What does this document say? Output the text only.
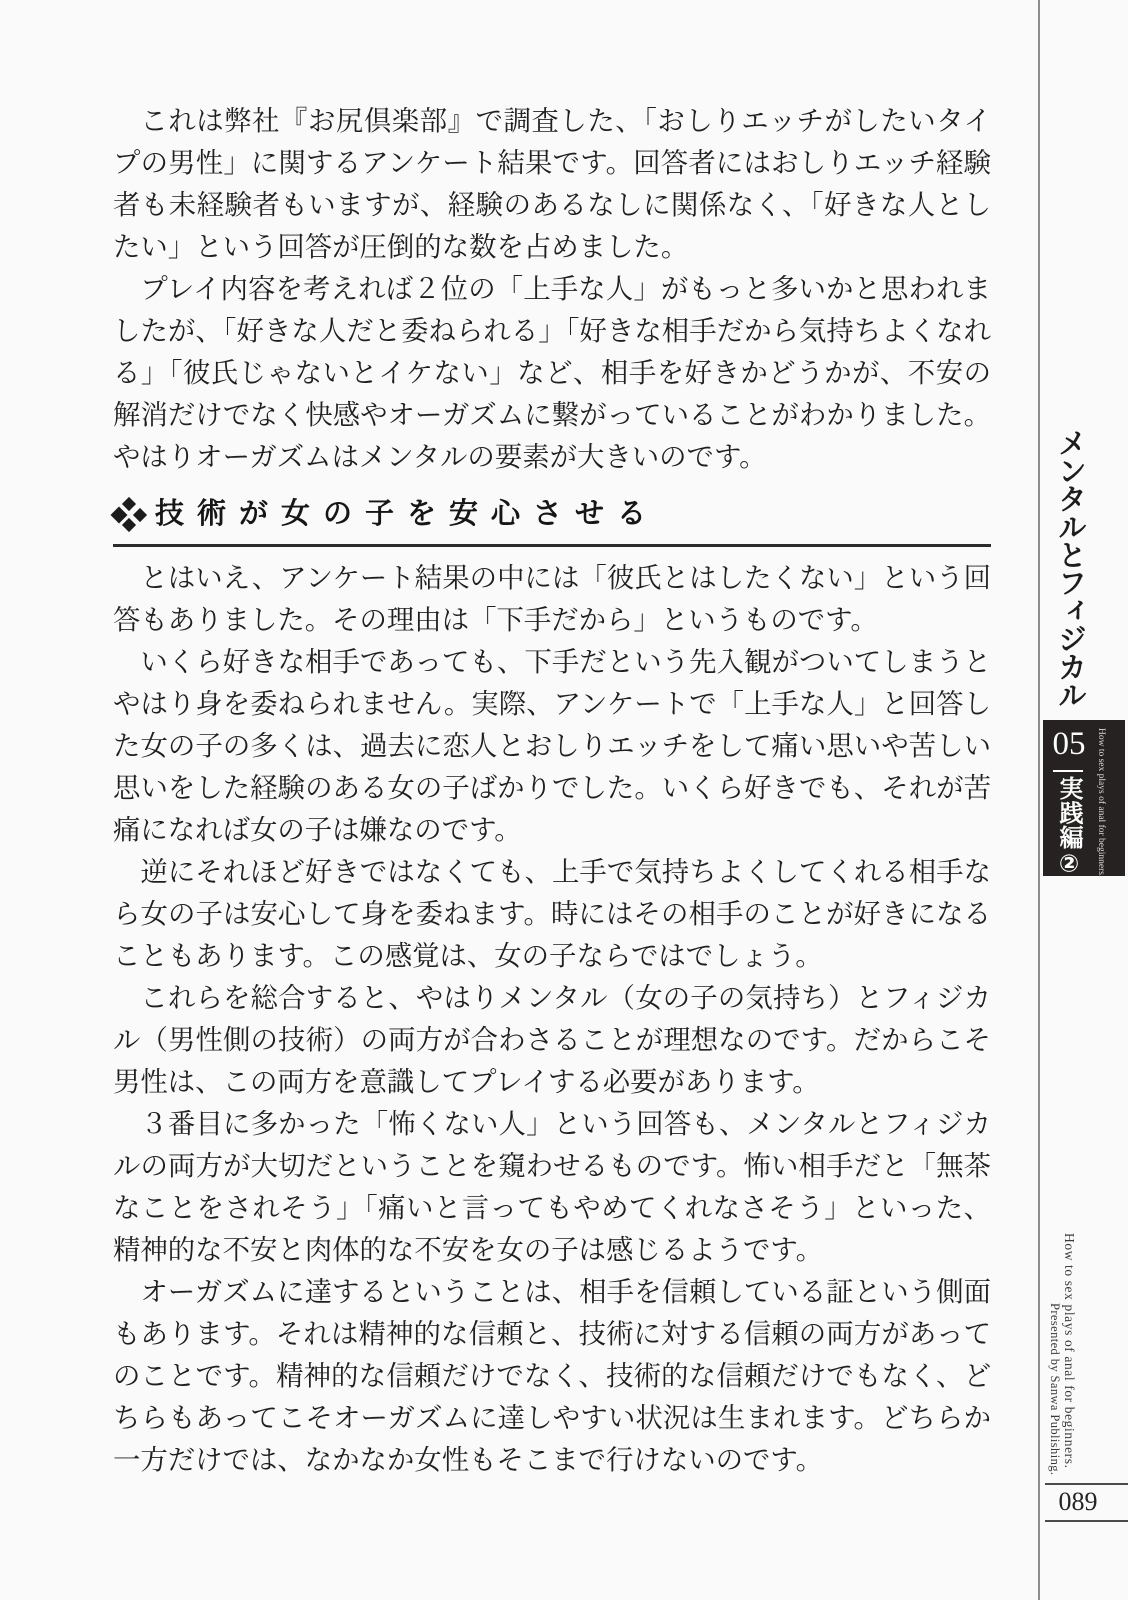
これは弊社『お尻倶楽部』で調査した、「おしりエッチがしたいタイプの男性」に関するアンケート結果です。回答者にはおしりエッチ経験者も未経験者もいますが、経験のあるなしに関係なく、「好きな人としたい」という回答が圧倒的な数を占めました。

プレイ内容を考えれば２位の「上手な人」がもっと多いかと思われましたが、「好きな人だと委ねられる」「好きな相手だから気持ちよくなれる」「彼氏じゃないとイケない」など、相手を好きかどうかが、不安の解消だけでなく快感やオーガズムに繋がっていることがわかりました。やはりオーガズムはメンタルの要素が大きいのです。

技術が女の子を安心させる

とはいえ、アンケート結果の中には「彼氏とはしたくない」という回答もありました。その理由は「下手だから」というものです。

いくら好きな相手であっても、下手だという先入観がついてしまうとやはり身を委ねられません。実際、アンケートで「上手な人」と回答した女の子の多くは、過去に恋人とおしりエッチをして痛い思いや苦しい思いをした経験のある女の子ばかりでした。いくら好きでも、それが苦痛になれば女の子は嫌なのです。

逆にそれほど好きではなくても、上手で気持ちよくしてくれる相手なら女の子は安心して身を委ねます。時にはその相手のことが好きになることもあります。この感覚は、女の子ならではでしょう。

これらを総合すると、やはりメンタル（女の子の気持ち）とフィジカル（男性側の技術）の両方が合わさることが理想なのです。だからこそ男性は、この両方を意識してプレイする必要があります。

３番目に多かった「怖くない人」という回答も、メンタルとフィジカルの両方が大切だということを窺わせるものです。怖い相手だと「無茶なことをされそう」「痛いと言ってもやめてくれなさそう」といった、精神的な不安と肉体的な不安を女の子は感じるようです。

オーガズムに達するということは、相手を信頼している証という側面もあります。それは精神的な信頼と、技術に対する信頼の両方があってのことです。精神的な信頼だけでなく、技術的な信頼だけでもなく、どちらもあってこそオーガズムに達しやすい状況は生まれます。どちらか一方だけでは、なかなか女性もそこまで行けないのです。

メンタルとフィジカル
05
実践編② How to sex plays of anal for beginners.
How to sex plays of anal for beginners.
Presented by Sanwa Publishing.
089
